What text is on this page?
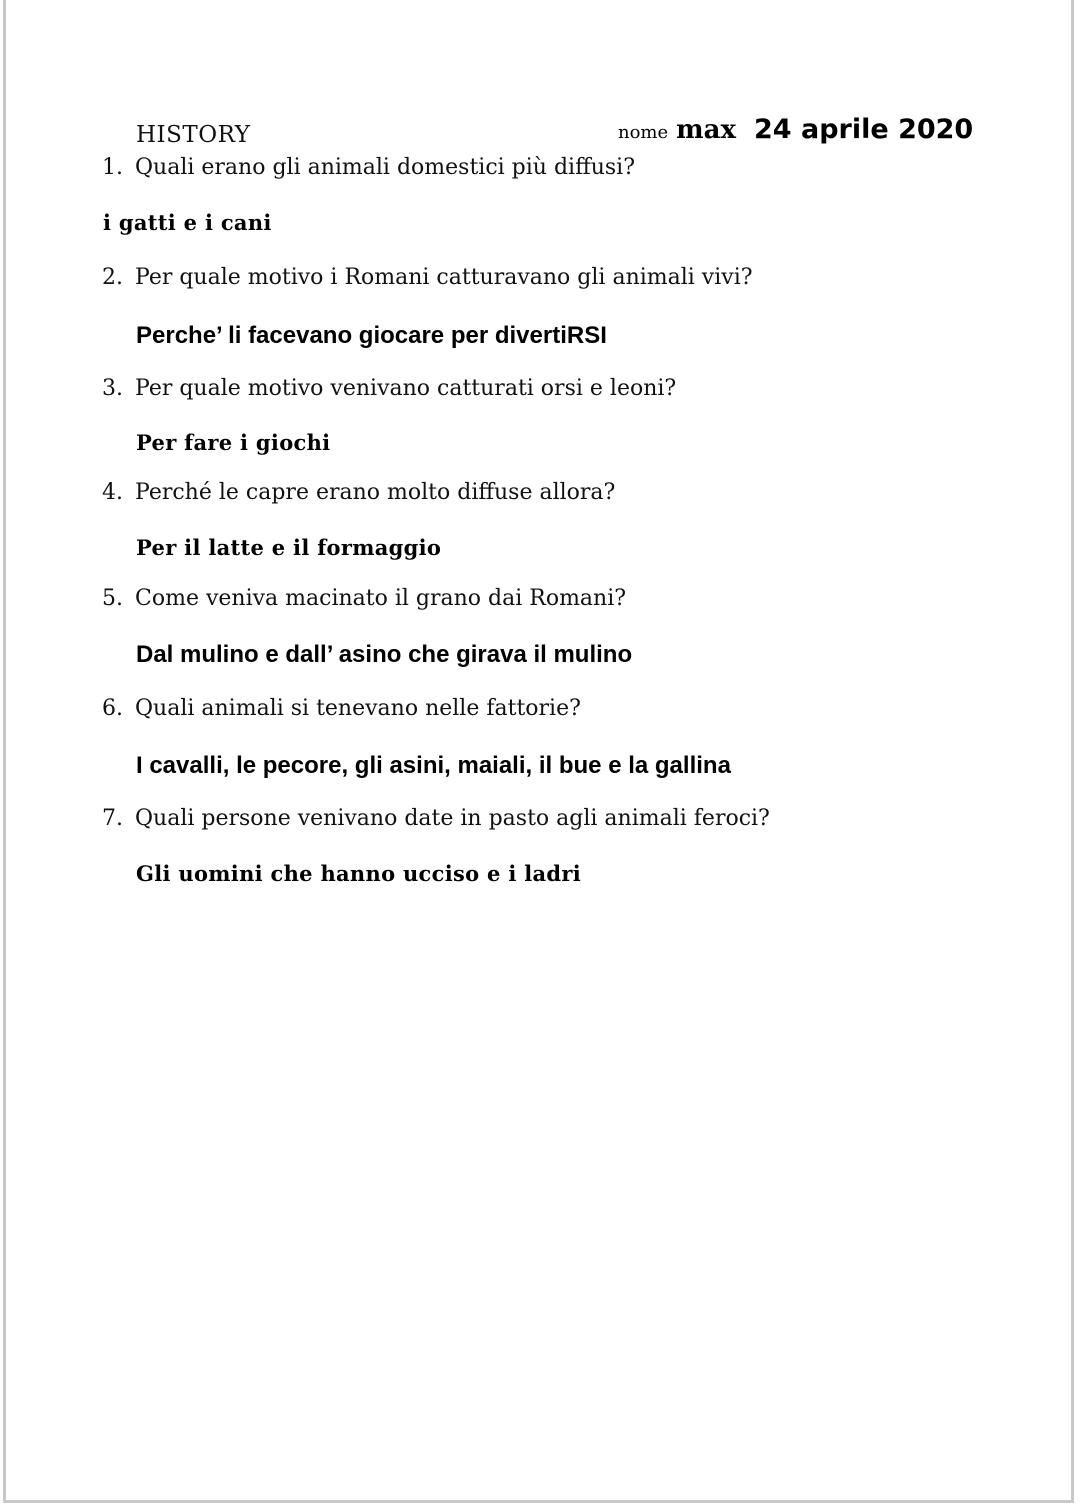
HISTORY	nome max 24 aprile 2020
1. Quali erano gli animali domestici più diffusi?
i gatti e i cani
2. Per quale motivo i Romani catturavano gli animali vivi?
Perche’ li facevano giocare per divertiRSI
3. Per quale motivo venivano catturati orsi e leoni?
Per fare i giochi
4. Perché le capre erano molto diffuse allora?
Per il latte e il formaggio
5. Come veniva macinato il grano dai Romani?
Dal mulino e dall’ asino che girava il mulino
6. Quali animali si tenevano nelle fattorie?
I cavalli, le pecore, gli asini, maiali, il bue e la gallina
7. Quali persone venivano date in pasto agli animali feroci?
Gli uomini che hanno ucciso e i ladri
